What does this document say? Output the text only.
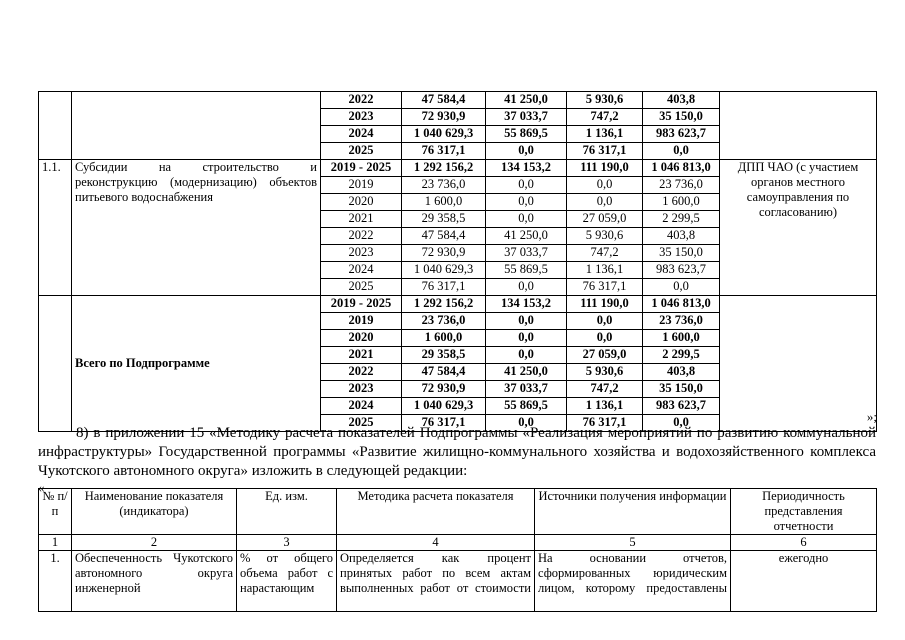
		2022	47 584,4	41 250,0	5 930,6	403,8	
		2023	72 930,9	37 033,7	747,2	35 150,0	
		2024	1 040 629,3	55 869,5	1 136,1	983 623,7	
		2025	76 317,1	0,0	76 317,1	0,0	
1.1.	Субсидии на строительство и реконструкцию (модернизацию) объектов питьевого водоснабжения	2019 - 2025	1 292 156,2	134 153,2	111 190,0	1 046 813,0	ДПП ЧАО (с участием органов местного самоуправления по согласованию)
		2019	23 736,0	0,0	0,0	23 736,0	
		2020	1 600,0	0,0	0,0	1 600,0	
		2021	29 358,5	0,0	27 059,0	2 299,5	
		2022	47 584,4	41 250,0	5 930,6	403,8	
		2023	72 930,9	37 033,7	747,2	35 150,0	
		2024	1 040 629,3	55 869,5	1 136,1	983 623,7	
		2025	76 317,1	0,0	76 317,1	0,0	
	Всего по Подпрограмме	2019 - 2025	1 292 156,2	134 153,2	111 190,0	1 046 813,0	
		2019	23 736,0	0,0	0,0	23 736,0	
		2020	1 600,0	0,0	0,0	1 600,0	
		2021	29 358,5	0,0	27 059,0	2 299,5	
		2022	47 584,4	41 250,0	5 930,6	403,8	
		2023	72 930,9	37 033,7	747,2	35 150,0	
		2024	1 040 629,3	55 869,5	1 136,1	983 623,7	
		2025	76 317,1	0,0	76 317,1	0,0		»;
8) в приложении 15 «Методику расчета показателей Подпрограммы «Реализация мероприятий по развитию коммунальной инфраструктуры» Государственной программы «Развитие жилищно-коммунального хозяйства и водохозяйственного комплекса Чукотского автономного округа» изложить в следующей редакции:
«
№ п/п	Наименование показателя (индикатора)	Ед. изм.	Методика расчета показателя	Источники получения информации	Периодичность представления отчетности
1	2	3	4	5	6
1.	Обеспеченность Чукотского автономного округа инженерной	% от общего объема работ с нарастающим	Определяется как процент принятых работ по всем актам выполненных работ от стоимости	На основании отчетов, сформированных юридическим лицом, которому предоставлены	ежегодно
